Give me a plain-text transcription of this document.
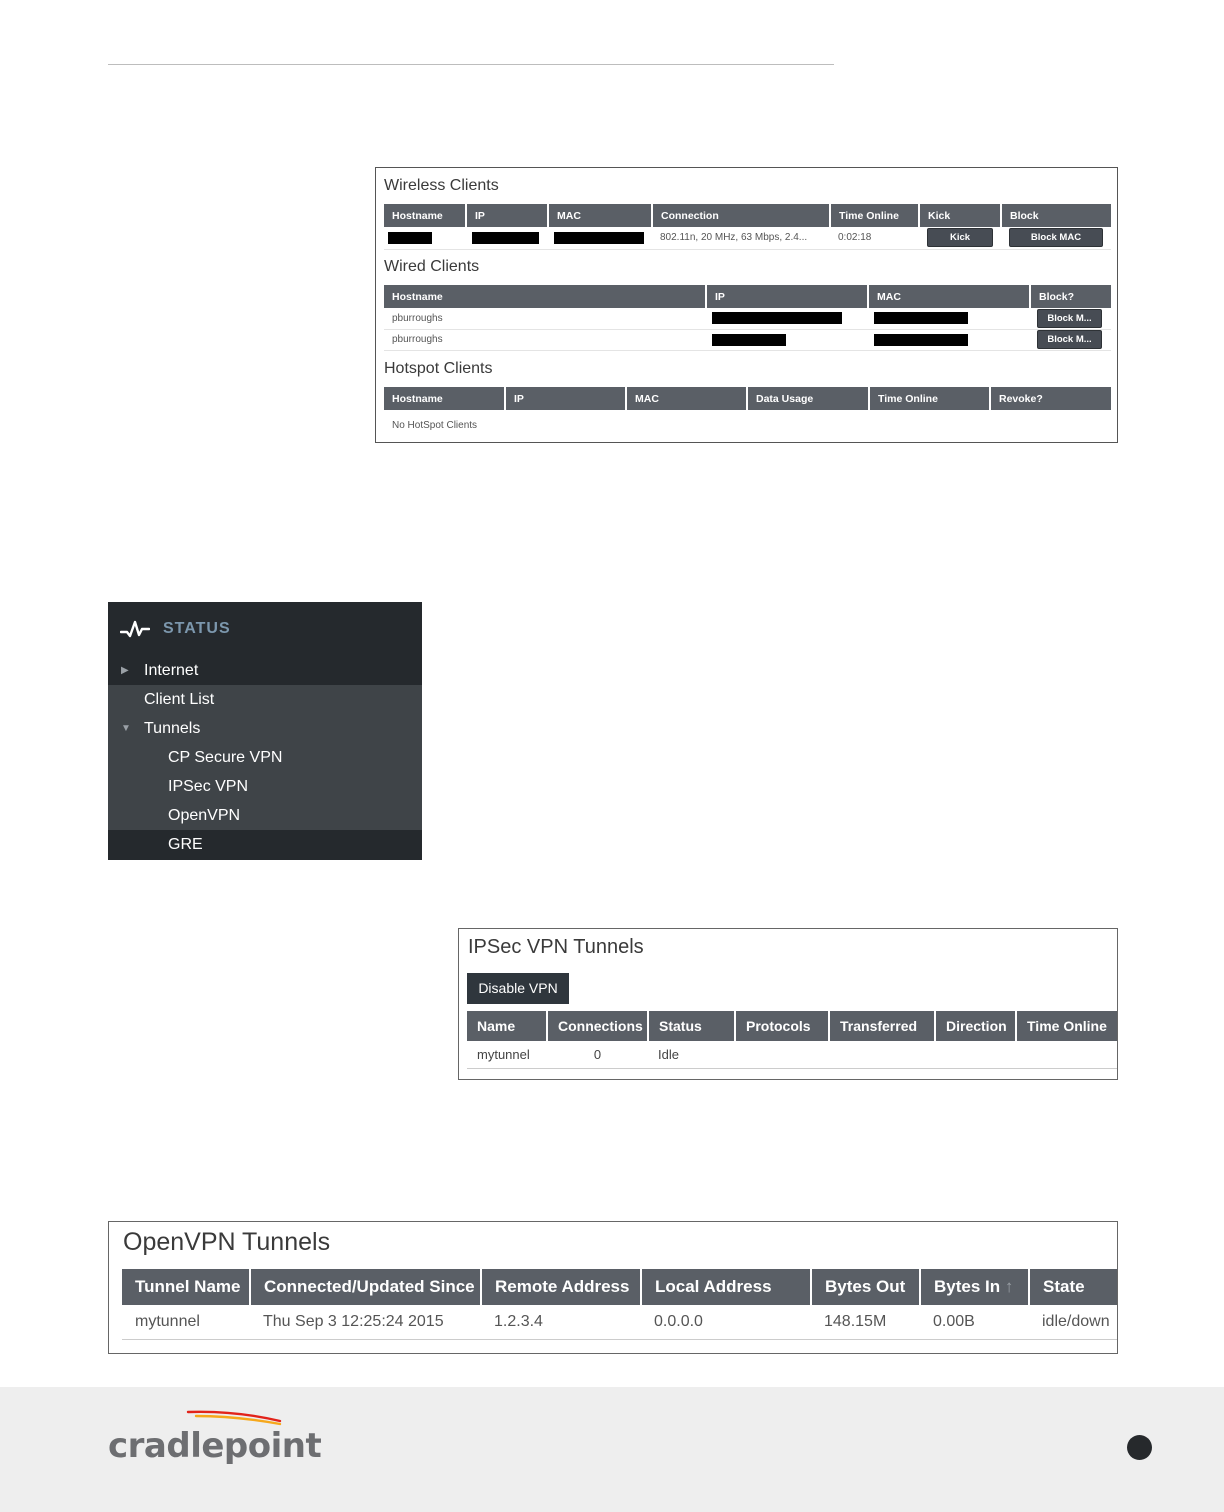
Wireless Clients
Hostname	IP	MAC	Connection	Time Online	Kick	Block
			802.11n, 20 MHz, 63 Mbps, 2.4...	0:02:18	Kick	Block MAC
Wired Clients
Hostname	IP	MAC	Block?
pburroughs			Block M...
pburroughs			Block M...
Hotspot Clients
Hostname	IP	MAC	Data Usage	Time Online	Revoke?
No HotSpot Clients
STATUS
▶ Internet
Client List
▼ Tunnels
CP Secure VPN
IPSec VPN
OpenVPN
GRE
IPSec VPN Tunnels
Disable VPN
Name	Connections	Status	Protocols	Transferred	Direction	Time Online
mytunnel	0	Idle				
OpenVPN Tunnels
Tunnel Name	Connected/Updated Since	Remote Address	Local Address	Bytes Out	Bytes In ↑	State
mytunnel	Thu Sep 3 12:25:24 2015	1.2.3.4	0.0.0.0	148.15M	0.00B	idle/down
cradlepoint
